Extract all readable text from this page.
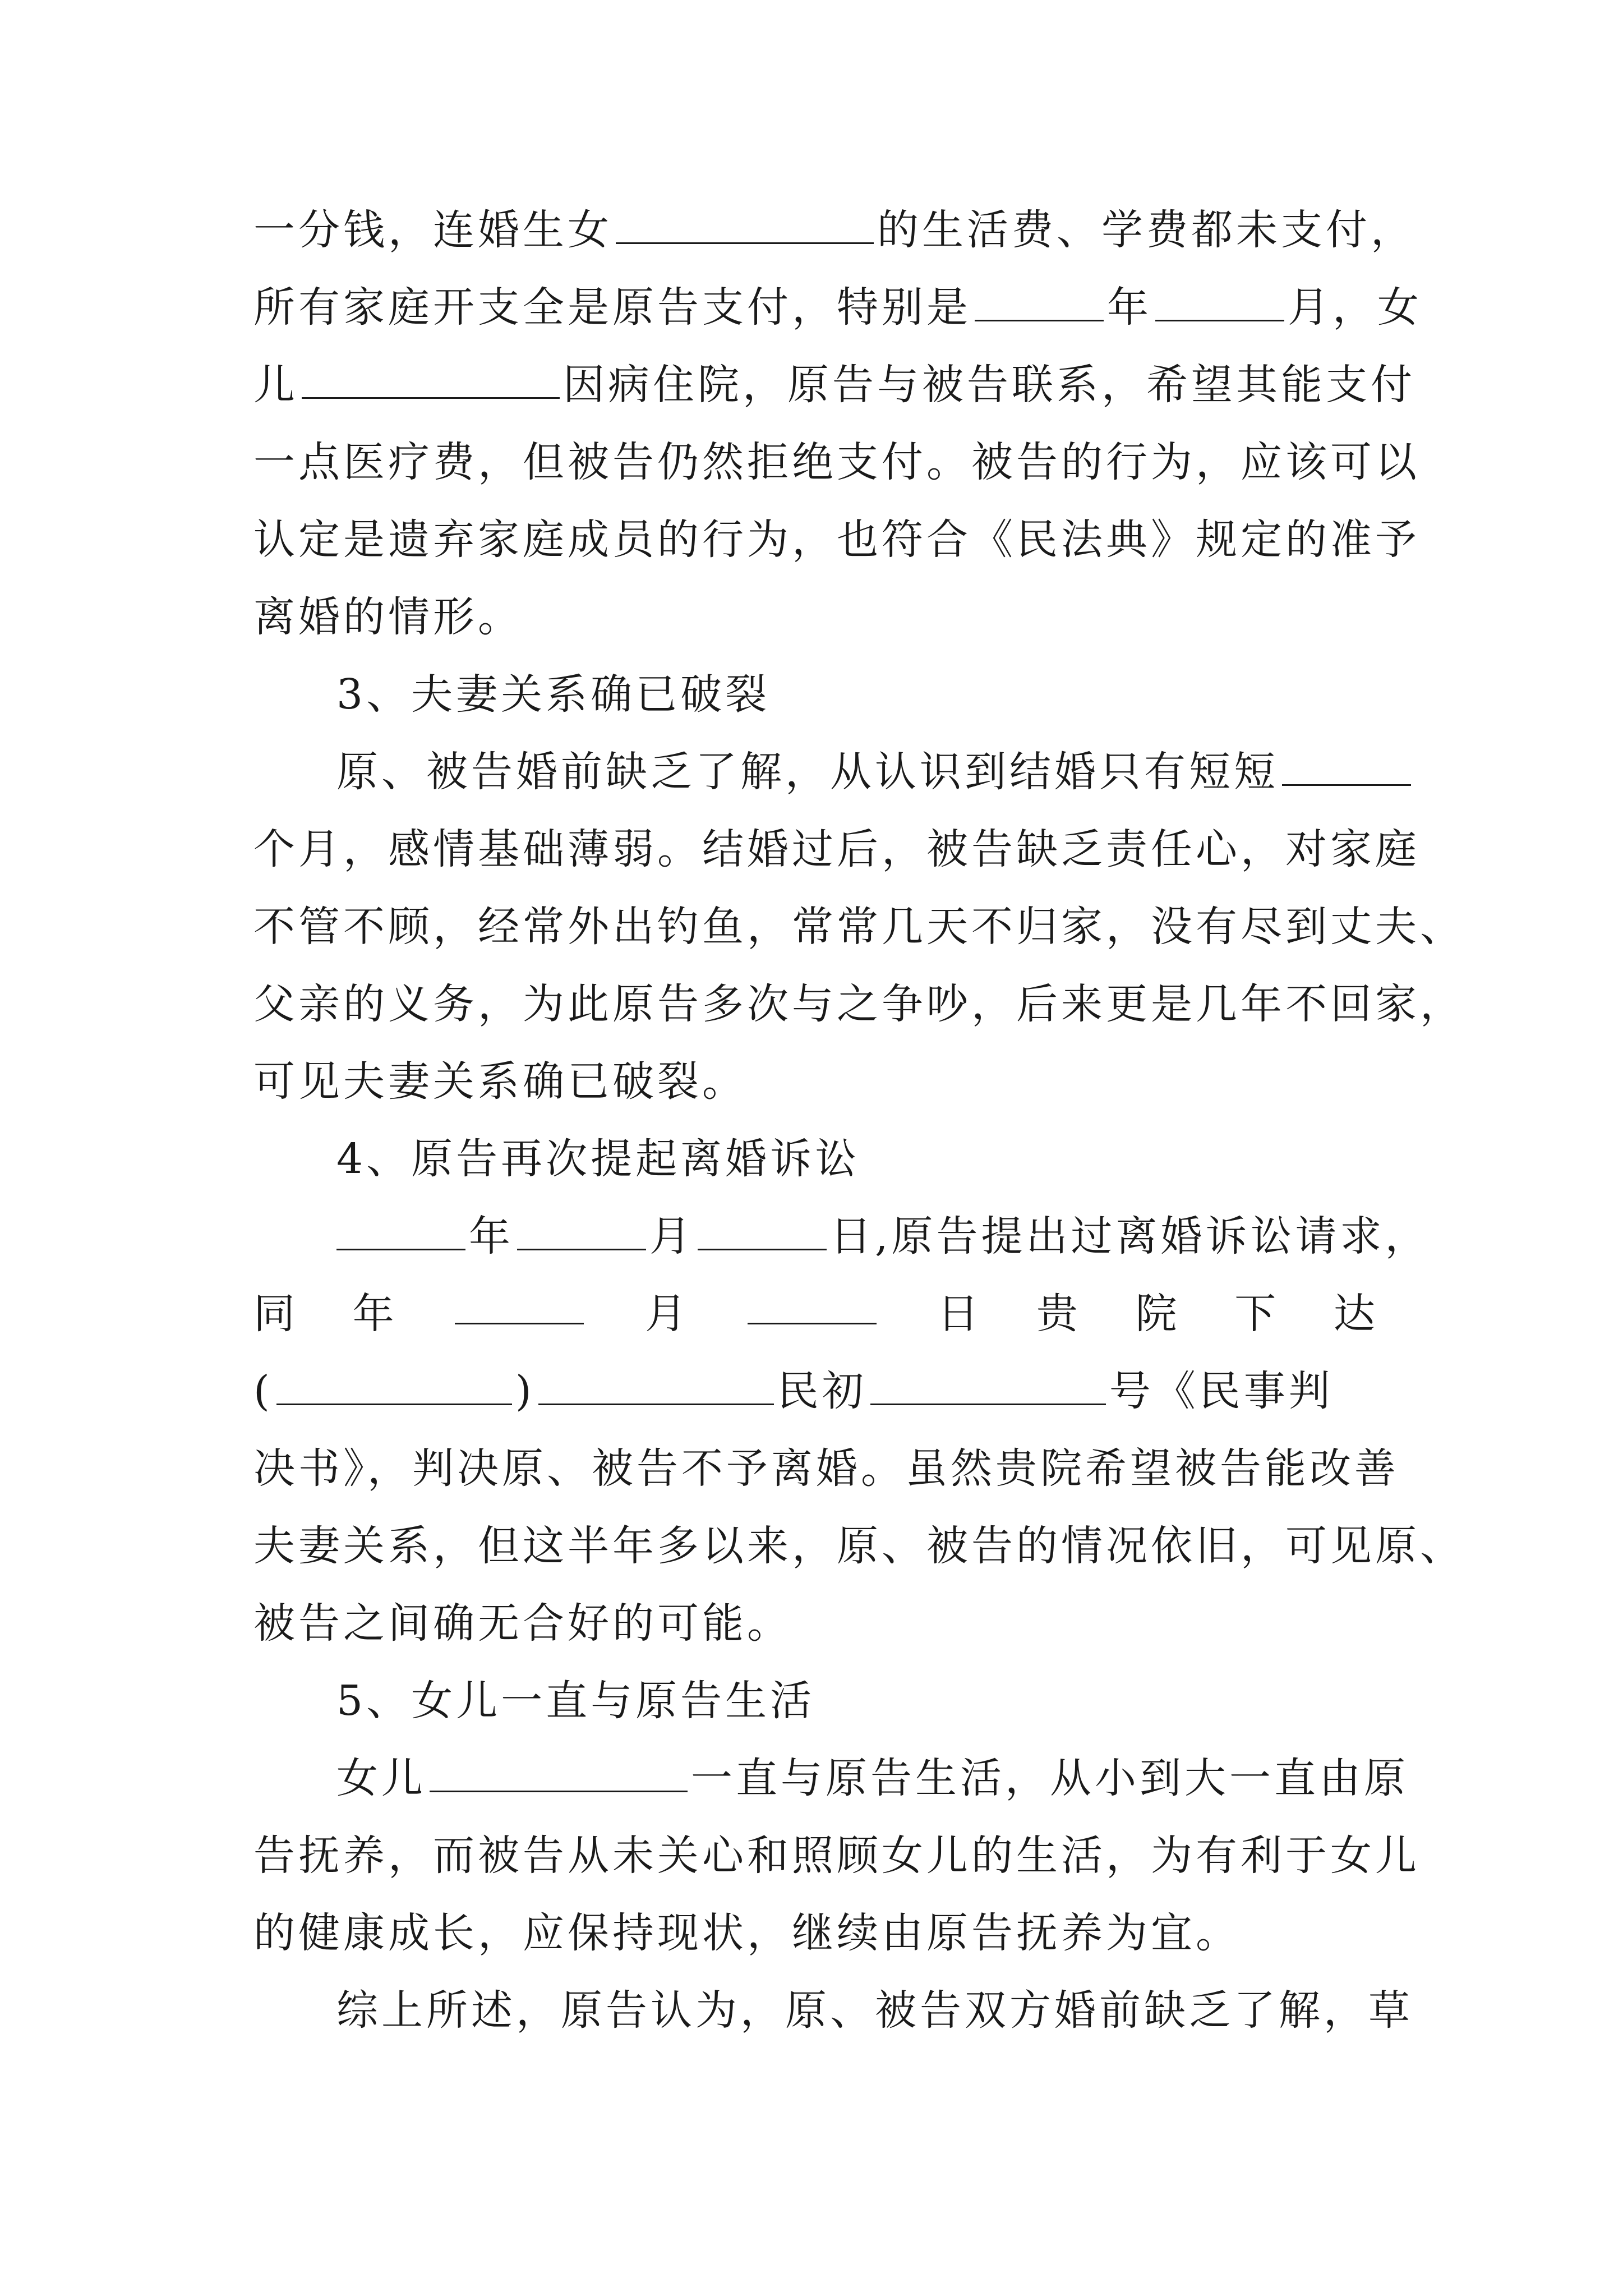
一分钱，连婚生女	的生活费、学费都未支付，
所有家庭开支全是原告支付，特别是	年	月，女
儿	因病住院，原告与被告联系，希望其能支付
一点医疗费，但被告仍然拒绝支付。被告的行为，应该可以
认定是遗弃家庭成员的行为，也符合《民法典》规定的准予
离婚的情形。
3、夫妻关系确已破裂
原、被告婚前缺乏了解，从认识到结婚只有短短
个月，感情基础薄弱。结婚过后，被告缺乏责任心，对家庭
不管不顾，经常外出钓鱼，常常几天不归家，没有尽到丈夫、
父亲的义务，为此原告多次与之争吵，后来更是几年不回家，
可见夫妻关系确已破裂。
4、原告再次提起离婚诉讼
年	月	日,原告提出过离婚诉讼请求，
同 年	月	日 贵 院 下 达
(	)	民初	号《民事判
决书》，判决原、被告不予离婚。虽然贵院希望被告能改善
夫妻关系，但这半年多以来，原、被告的情况依旧，可见原、
被告之间确无合好的可能。
5、女儿一直与原告生活
女儿	一直与原告生活，从小到大一直由原
告抚养，而被告从未关心和照顾女儿的生活，为有利于女儿
的健康成长，应保持现状，继续由原告抚养为宜。
综上所述，原告认为，原、被告双方婚前缺乏了解，草
